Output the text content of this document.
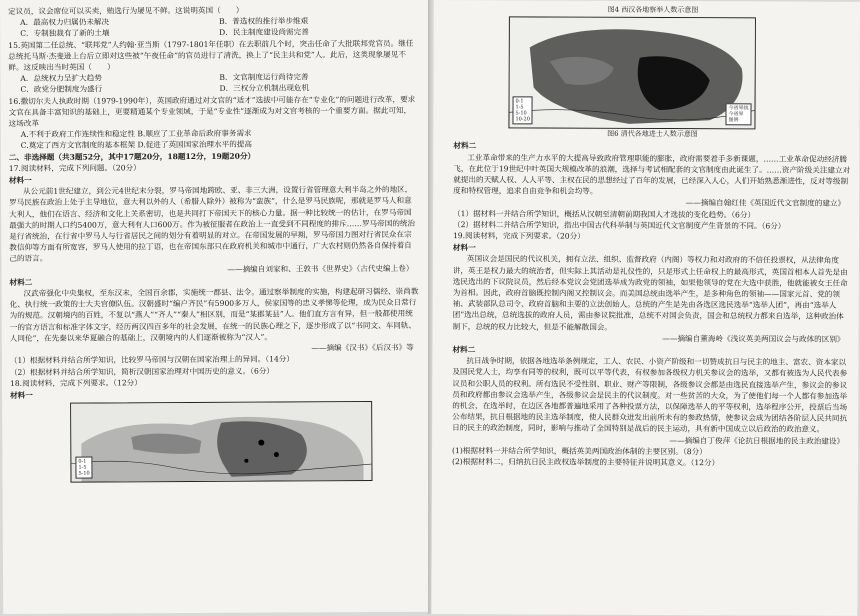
定议员，议会席位可以买卖，贿选行为屡见不鲜。这说明英国（　　）

A．最高权力归属仍未解决	B．普选权的推行举步维艰
C．专制独裁有了新的土壤	D．民主制度建设尚需完善

15.英国第二任总统、“联邦党”人约翰·亚当斯（1797-1801年任职）在去职前几个时，突击任命了大批联邦党官员。继任总统托马斯·杰斐逊上台后立即对这些被“午夜任命”的官员进行了清洗，换上了“民主共和党”人。此后，这类现象屡见不鲜。这反映出当时英国（　　）

A．总统权力呈扩大趋势	B．文官制度运行尚待完善
C．政党分肥制度为盛行	D．三权分立机制出现危机

16.撒切尔夫人执政时期（1979-1990年），英国政府通过对文官的“适才”选拔中可能存在“专业化”的问题进行改革，要求文官在具备丰富知识的基础上，更要精通某个专业领域，于是“专业性”逐渐成为对文官考核的一个重要方面。据此可知，这场改革

A.不利于政府工作连续性和稳定性 B.顺应了工业革命后政府事务需求

C.奠定了西方文官制度的基本框架 D.促进了英国国家治理水平的提高

二、非选择题（共3题52分，其中17题20分，18题12分，19题20分）

17.阅读材料，完成下列问题。（20分）

材料一

从公元前1世纪建立，到公元4世纪末分裂，罗马帝国地跨欧、亚、非三大洲，设置行省管理意大利半岛之外的地区，罗马民族在政治上处于主导地位，意大利以外的人（希腊人除外）被称为“蛮族”，什么是罗马民族呢，那就是罗马人和意大利人，他们在语言、经济和文化上关系密切，也是共同打下帝国天下的核心力量。据一种比较统一的估计，在罗马帝国最强大的时期人口约5400万，意大利有人口600万。作为被征服者在政治上一直受到不同程度的排斥……罗马帝国的统治是行省统治，在行省中罗马人与行省居民之间的划分有着明显的对立。在帝国发展的早期，罗马帝国力图对行省民众在宗教信仰等方面有所宽容，罗马人使用的拉丁语，也在帝国东部只在政府机关和城市中通行，广大农村则仍然各自保持着自己的语言。

——摘编自刘家和、王敦书《世界史》（古代史编上卷）

材料二

汉武帝强化中央集权，至东汉末，全国百余郡，实施统一郡县、法令。通过察举制度的实施，构建起研习儒经、崇尚教化、执行统一政策的士大夫官僚队伍。汉朝盛时“编户齐民”有5900多万人，侯家国等的忠义孝悌等伦理，成为民众日常行为的规范。汉朝境内的百姓，不复以“燕人”“齐人”“秦人”相区别，而是“某郡某县”人。他们直方言有异，但一般都使用统一的官方语言和标准字体文字，经历两汉四百多年的社会发展，在统一的民族心理之下，逐步形成了以“书同文、车同轨、人同伦”，在先秦以来华夏融合的基础上，汉朝境内的人们逐渐被称为“汉人”。

——摘编《汉书》《后汉书》等

（1）根据材料并结合所学知识，比较罗马帝国与汉朝在国家治理上的异同。（14分）

（2）根据材料并结合所学知识，简析汉朝国家治理对中国历史的意义。（6分）

18.阅读材料，完成下列要求。（12分）

材料一

0-1
1-5
5-10

图4 西汉各地察举人数示意图

0-1
1-5
5-10
10-20
今省界线
今省界
图例

图6 清代各地进士人数示意图

材料二

工业革命带来的生产力水平的大提高导致政府管理职能的膨胀，政府需要着手多新课题，……工业革命促动经济腾飞，在此位于19世纪中叶英国大规模改革的浪潮，选择与考试相配套的文官制度由此诞生了。……资产阶级关注建立对就提出的天赋人权、人人平等、主权在民的思想经过了百年的发展，已经深入人心，人们开始熟悉渐进性，反对等级制度和特权管理，追求自由竞争和机会均等。

——摘编自翰红佳《英国近代文官制度的建立》

（1）据材料一并结合所学知识，概括从汉朝至清朝前期我国人才选拔的变化趋势。（6分）

（2）据材料二并结合所学知识，指出中国古代科举制与英国近代文官制度产生背景的不同。（6分）

19.阅读材料，完成下列要求。（20分）

材料一

英国议会是国民的代议机关，拥有立法、组织、监督政府（内阁）等权力和对政府的不信任投票权，从法律角度讲，英王是权力最大的统治者，但实际上其活动是礼仪性的，只是形式上任命权上的最高形式，英国首相本人首先是由选民选出的下议院议员，然后经本党议会党团选举成为政党的领袖，如果他领导的党在大选中获胜，他就能被女王任命为首相。因此，政府首脑既控制内阁又控制议会。而美国总统由选举产生，是多种角色的领袖——国家元首、党的领袖、武装部队总司令、政府首脑和主要的立法创始人。总统的产生是先由各选区选民选举“选举人团”，再由“选举人团”选出总统，总统选拔的政府人员，需由参议院批准，总统不对国会负责，国会和总统权力都来自选举，这种政治体制下，总统的权力比较大，但是不能解散国会。

——摘编自董海岭《浅议英美两国议会与政体的区别》

材料二

抗日战争时期，依据各地选举条例规定，工人、农民、小资产阶级和一切赞成抗日与民主的地主、富农、资本家以及国民党人士，均享有同等的权利，既可以平等代表，有权参加各级权力机关参议会的选举，又都有被选为人民代表参议员和公职人员的权利。所有选民不受性别、职业、财产等限制，各级参议会都是由选民直接选举产生，参议会的参议员和政府都由参议会选举产生，各级参议会是民主的代议制度。对一些贫苦的大众，为了使他们每一个人都有参加选举的机会，在选举时，在边区各地都普遍地采用了各种投票方法，以保障选举人的平等权利，选举程序公开，投票后当场公布结果，抗日根据地的民主选举制度，使人民群众迸发出前所未有的参政热情，使参议会成为团结各阶层人民共同抗日的民主的政治制度，同时，影响与推动了全国特别是战后的民主运动，具有新中国成立以后政治的政治意义。

——摘编自丁俊萍《论抗日根据地的民主政治建设》

(1)根据材料一并结合所学知识，概括英美两国政治体制的主要区别。（8分）

(2)根据材料二，归纳抗日民主政权选举制度的主要特征并说明其意义。（12分）
